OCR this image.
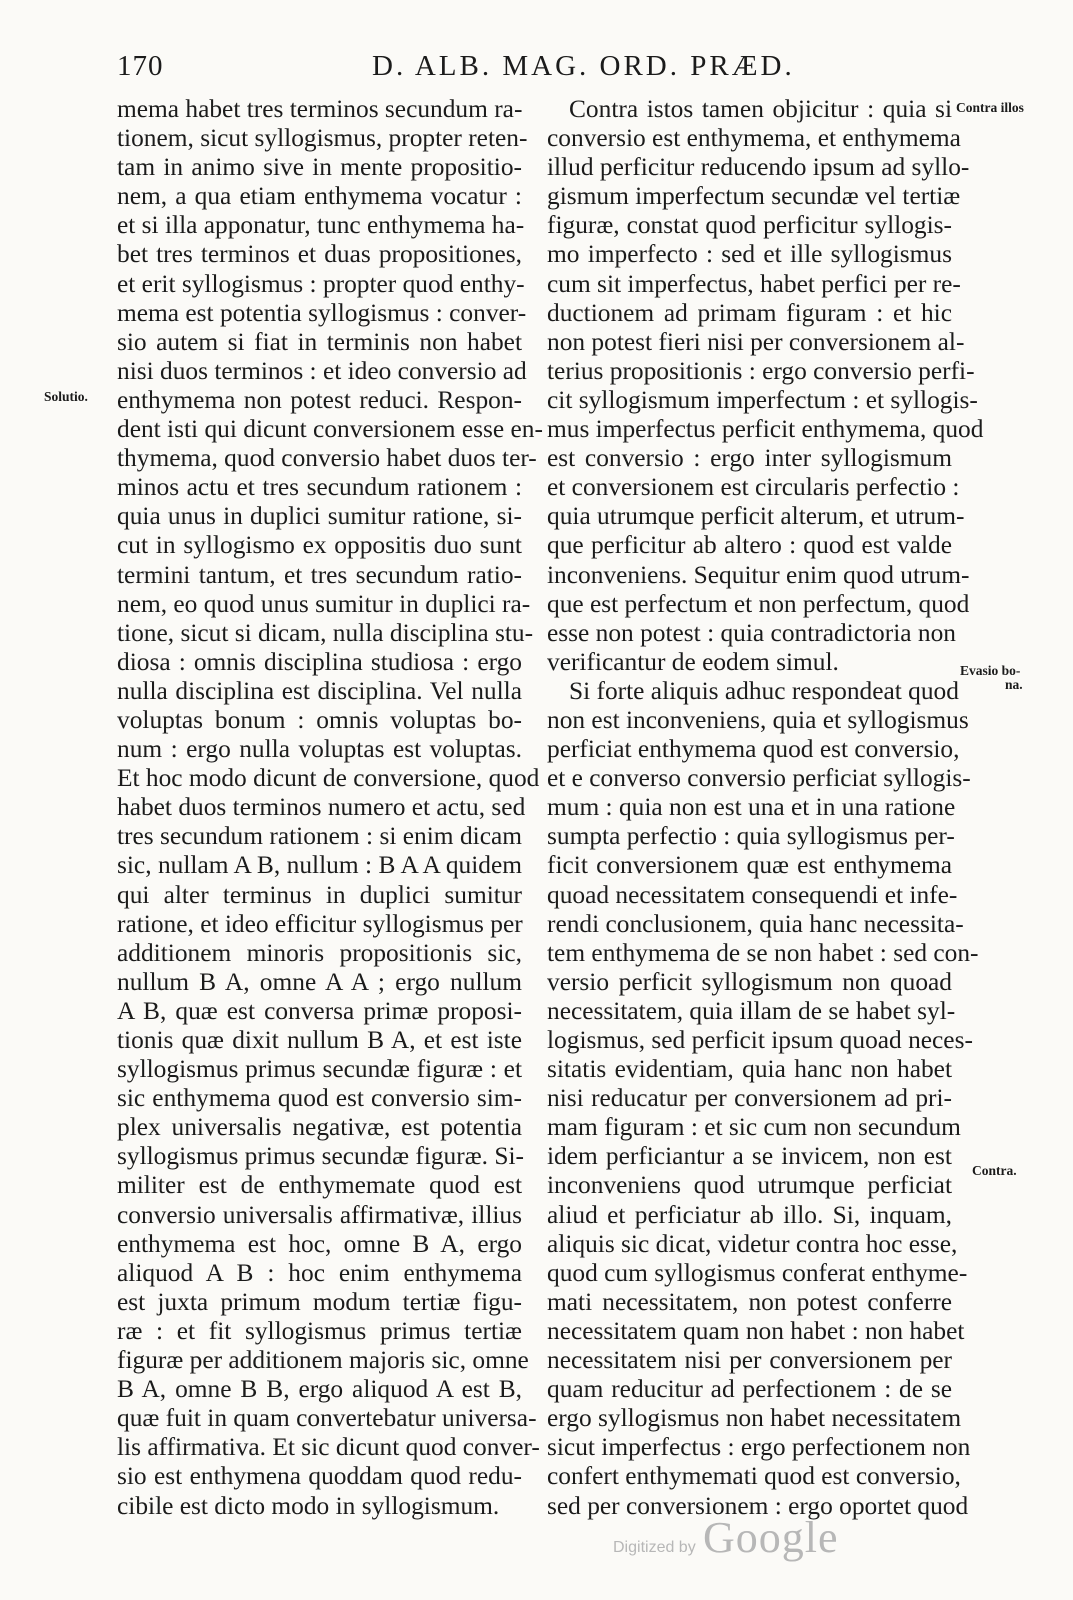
170	D. ALB. MAG. ORD. PRÆD.
mema habet tres terminos secundum ra-
tionem, sicut syllogismus, propter reten-
tam in animo sive in mente propositio-
nem, a qua etiam enthymema vocatur :
et si illa apponatur, tunc enthymema ha-
bet tres terminos et duas propositiones,
et erit syllogismus : propter quod enthy-
mema est potentia syllogismus : conver-
sio autem si fiat in terminis non habet
nisi duos terminos : et ideo conversio ad
enthymema non potest reduci. Respon-
dent isti qui dicunt conversionem esse en-
thymema, quod conversio habet duos ter-
minos actu et tres secundum rationem :
quia unus in duplici sumitur ratione, si-
cut in syllogismo ex oppositis duo sunt
termini tantum, et tres secundum ratio-
nem, eo quod unus sumitur in duplici ra-
tione, sicut si dicam, nulla disciplina stu-
diosa : omnis disciplina studiosa : ergo
nulla disciplina est disciplina. Vel nulla
voluptas bonum : omnis voluptas bo-
num : ergo nulla voluptas est voluptas.
Et hoc modo dicunt de conversione, quod
habet duos terminos numero et actu, sed
tres secundum rationem : si enim dicam
sic, nullam A B, nullum : B A A quidem
qui alter terminus in duplici sumitur
ratione, et ideo efficitur syllogismus per
additionem minoris propositionis sic,
nullum B A, omne A A ; ergo nullum
A B, quæ est conversa primæ proposi-
tionis quæ dixit nullum B A, et est iste
syllogismus primus secundæ figuræ : et
sic enthymema quod est conversio sim-
plex universalis negativæ, est potentia
syllogismus primus secundæ figuræ. Si-
militer est de enthymemate quod est
conversio universalis affirmativæ, illius
enthymema est hoc, omne B A, ergo
aliquod A B : hoc enim enthymema
est juxta primum modum tertiæ figu-
ræ : et fit syllogismus primus tertiæ
figuræ per additionem majoris sic, omne
B A, omne B B, ergo aliquod A est B,
quæ fuit in quam convertebatur universa-
lis affirmativa. Et sic dicunt quod conver-
sio est enthymena quoddam quod redu-
cibile est dicto modo in syllogismum.
Contra istos tamen objicitur : quia si
conversio est enthymema, et enthymema
illud perficitur reducendo ipsum ad syllo-
gismum imperfectum secundæ vel tertiæ
figuræ, constat quod perficitur syllogis-
mo imperfecto : sed et ille syllogismus
cum sit imperfectus, habet perfici per re-
ductionem ad primam figuram : et hic
non potest fieri nisi per conversionem al-
terius propositionis : ergo conversio perfi-
cit syllogismum imperfectum : et syllogis-
mus imperfectus perficit enthymema, quod
est conversio : ergo inter syllogismum
et conversionem est circularis perfectio :
quia utrumque perficit alterum, et utrum-
que perficitur ab altero : quod est valde
inconveniens. Sequitur enim quod utrum-
que est perfectum et non perfectum, quod
esse non potest : quia contradictoria non
verificantur de eodem simul.
Si forte aliquis adhuc respondeat quod
non est inconveniens, quia et syllogismus
perficiat enthymema quod est conversio,
et e converso conversio perficiat syllogis-
mum : quia non est una et in una ratione
sumpta perfectio : quia syllogismus per-
ficit conversionem quæ est enthymema
quoad necessitatem consequendi et infe-
rendi conclusionem, quia hanc necessita-
tem enthymema de se non habet : sed con-
versio perficit syllogismum non quoad
necessitatem, quia illam de se habet syl-
logismus, sed perficit ipsum quoad neces-
sitatis evidentiam, quia hanc non habet
nisi reducatur per conversionem ad pri-
mam figuram : et sic cum non secundum
idem perficiantur a se invicem, non est
inconveniens quod utrumque perficiat
aliud et perficiatur ab illo. Si, inquam,
aliquis sic dicat, videtur contra hoc esse,
quod cum syllogismus conferat enthyme-
mati necessitatem, non potest conferre
necessitatem quam non habet : non habet
necessitatem nisi per conversionem per
quam reducitur ad perfectionem : de se
ergo syllogismus non habet necessitatem
sicut imperfectus : ergo perfectionem non
confert enthymemati quod est conversio,
sed per conversionem : ergo oportet quod
Solutio.
Contra illos
Evasio bo-
na.
Contra.
Digitized by Google
